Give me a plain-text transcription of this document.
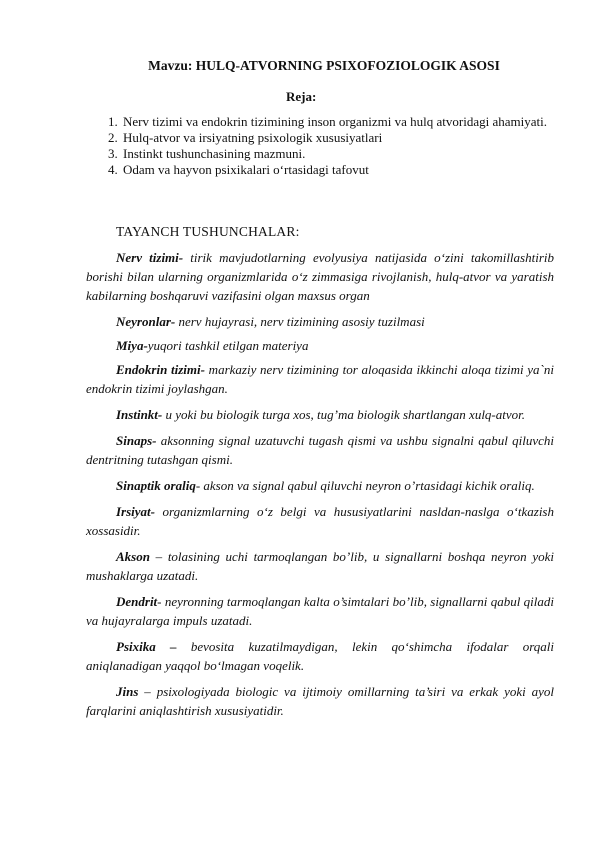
Mavzu: HULQ-ATVORNING PSIXOFOZIOLOGIK ASOSI
Reja:
1. Nerv tizimi va endokrin tizimining inson organizmi va hulq atvoridagi ahamiyati.
2. Hulq-atvor va irsiyatning psixologik xususiyatlari
3. Instinkt tushunchasining mazmuni.
4. Odam va hayvon psixikalari o‘rtasidagi tafovut
TAYANCH TUSHUNCHALAR:

Nerv tizimi- tirik mavjudotlarning evolyusiya natijasida o‘zini takomillashtirib borishi bilan ularning organizmlarida o‘z zimmasiga rivojlanish, hulq-atvor va yaratish kabilarning boshqaruvi vazifasini olgan maxsus organ

Neyronlar- nerv hujayrasi, nerv tizimining asosiy tuzilmasi

Miya-yuqori tashkil etilgan materiya

Endokrin tizimi- markaziy nerv tizimining tor aloqasida ikkinchi aloqa tizimi ya`ni endokrin tizimi joylashgan.

Instinkt- u yoki bu biologik turga xos, tug’ma biologik shartlangan xulq-atvor.

Sinaps- aksonning signal uzatuvchi tugash qismi va ushbu signalni qabul qiluvchi dentritning tutashgan qismi.

Sinaptik oraliq- akson va signal qabul qiluvchi neyron o’rtasidagi kichik oraliq.

Irsiyat- organizmlarning o‘z belgi va hususiyatlarini nasldan-naslga o‘tkazish xossasidir.

Akson – tolasining uchi tarmoqlangan bo’lib, u signallarni boshqa neyron yoki mushaklarga uzatadi.

Dendrit- neyronning tarmoqlangan kalta o’simtalari bo’lib, signallarni qabul qiladi va hujayralarga impuls uzatadi.

Psixika – bevosita kuzatilmaydigan, lekin qo‘shimcha ifodalar orqali aniqlanadigan yaqqol bo‘lmagan voqelik.

Jins – psixologiyada biologic va ijtimoiy omillarning ta’siri va erkak yoki ayol farqlarini aniqlashtirish xususiyatidir.
